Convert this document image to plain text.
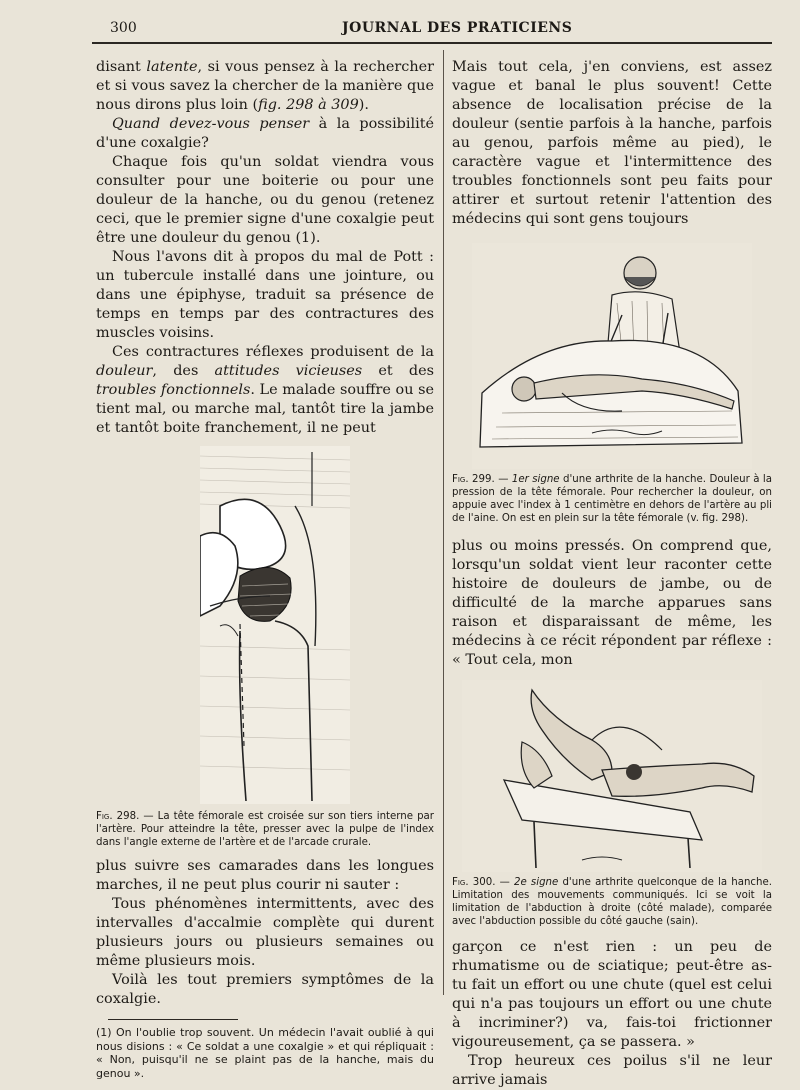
300	JOURNAL DES PRATICIENS

disant latente, si vous pensez à la rechercher et si vous savez la chercher de la manière que nous dirons plus loin (fig. 298 à 309).

Quand devez-vous penser à la possibilité d'une coxalgie?

Chaque fois qu'un soldat viendra vous consulter pour une boiterie ou pour une douleur de la hanche, ou du genou (retenez ceci, que le premier signe d'une coxalgie peut être une douleur du genou (1).

Nous l'avons dit à propos du mal de Pott : un tubercule installé dans une jointure, ou dans une épiphyse, traduit sa présence de temps en temps par des contractures des muscles voisins.

Ces contractures réflexes produisent de la douleur, des attitudes vicieuses et des troubles fonctionnels. Le malade souffre ou se tient mal, ou marche mal, tantôt tire la jambe et tantôt boite franchement, il ne peut

Fig. 298. — La tête fémorale est croisée sur son tiers interne par l'artère. Pour atteindre la tête, presser avec la pulpe de l'index dans l'angle externe de l'artère et de l'arcade crurale.

plus suivre ses camarades dans les longues marches, il ne peut plus courir ni sauter :

Tous phénomènes intermittents, avec des intervalles d'accalmie complète qui durent plusieurs jours ou plusieurs semaines ou même plusieurs mois.

Voilà les tout premiers symptômes de la coxalgie.

(1) On l'oublie trop souvent. Un médecin l'avait oublié à qui nous disions : « Ce soldat a une coxalgie » et qui répliquait : « Non, puisqu'il ne se plaint pas de la hanche, mais du genou ».

Mais tout cela, j'en conviens, est assez vague et banal le plus souvent! Cette absence de localisation précise de la douleur (sentie parfois à la hanche, parfois au genou, parfois même au pied), le caractère vague et l'intermittence des troubles fonctionnels sont peu faits pour attirer et surtout retenir l'attention des médecins qui sont gens toujours

Fig. 299. — 1er signe d'une arthrite de la hanche. Douleur à la pression de la tête fémorale. Pour rechercher la douleur, on appuie avec l'index à 1 centimètre en dehors de l'artère au pli de l'aine. On est en plein sur la tête fémorale (v. fig. 298).

plus ou moins pressés. On comprend que, lorsqu'un soldat vient leur raconter cette histoire de douleurs de jambe, ou de difficulté de la marche apparues sans raison et disparaissant de même, les médecins à ce récit répondent par réflexe : « Tout cela, mon

Fig. 300. — 2e signe d'une arthrite quelconque de la hanche. Limitation des mouvements communiqués. Ici se voit la limitation de l'abduction à droite (côté malade), comparée avec l'abduction possible du côté gauche (sain).

garçon ce n'est rien : un peu de rhumatisme ou de sciatique; peut-être as-tu fait un effort ou une chute (quel est celui qui n'a pas toujours un effort ou une chute à incriminer?) va, fais-toi frictionner vigoureusement, ça se passera. »

Trop heureux ces poilus s'il ne leur arrive jamais
